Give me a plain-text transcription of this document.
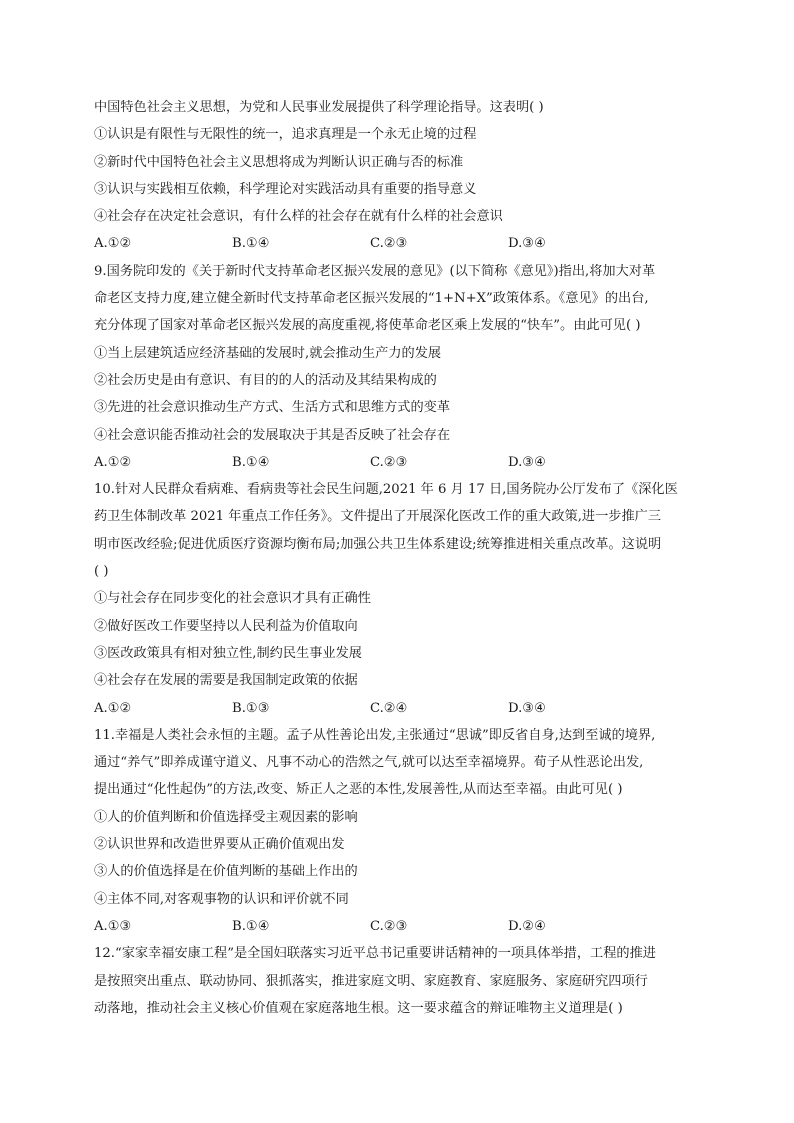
中国特色社会主义思想，为党和人民事业发展提供了科学理论指导。这表明( )
①认识是有限性与无限性的统一，追求真理是一个永无止境的过程
②新时代中国特色社会主义思想将成为判断认识正确与否的标准
③认识与实践相互依赖，科学理论对实践活动具有重要的指导意义
④社会存在决定社会意识，有什么样的社会存在就有什么样的社会意识
A.①②	B.①④	C.②③	D.③④
9.国务院印发的《关于新时代支持革命老区振兴发展的意见》(以下简称《意见》)指出,将加大对革
命老区支持力度,建立健全新时代支持革命老区振兴发展的“1+N+X”政策体系。《意见》的出台,
充分体现了国家对革命老区振兴发展的高度重视,将使革命老区乘上发展的“快车”。由此可见( )
①当上层建筑适应经济基础的发展时,就会推动生产力的发展
②社会历史是由有意识、有目的的人的活动及其结果构成的
③先进的社会意识推动生产方式、生活方式和思维方式的变革
④社会意识能否推动社会的发展取决于其是否反映了社会存在
A.①②	B.①④	C.②③	D.③④
10.针对人民群众看病难、看病贵等社会民生问题,2021 年 6 月 17 日,国务院办公厅发布了《深化医
药卫生体制改革 2021 年重点工作任务》。文件提出了开展深化医改工作的重大政策,进一步推广三
明市医改经验;促进优质医疗资源均衡布局;加强公共卫生体系建设;统筹推进相关重点改革。这说明
( )
①与社会存在同步变化的社会意识才具有正确性
②做好医改工作要坚持以人民利益为价值取向
③医改政策具有相对独立性,制约民生事业发展
④社会存在发展的需要是我国制定政策的依据
A.①②	B.①③	C.②④	D.③④
11.幸福是人类社会永恒的主题。孟子从性善论出发,主张通过“思诚”即反省自身,达到至诚的境界,
通过“养气”即养成谨守道义、凡事不动心的浩然之气,就可以达至幸福境界。荀子从性恶论出发,
提出通过“化性起伪”的方法,改变、矫正人之恶的本性,发展善性,从而达至幸福。由此可见( )
①人的价值判断和价值选择受主观因素的影响
②认识世界和改造世界要从正确价值观出发
③人的价值选择是在价值判断的基础上作出的
④主体不同,对客观事物的认识和评价就不同
A.①③	B.①④	C.②③	D.②④
12.“家家幸福安康工程”是全国妇联落实习近平总书记重要讲话精神的一项具体举措，工程的推进
是按照突出重点、联动协同、狠抓落实，推进家庭文明、家庭教育、家庭服务、家庭研究四项行
动落地，推动社会主义核心价值观在家庭落地生根。这一要求蕴含的辩证唯物主义道理是( )
